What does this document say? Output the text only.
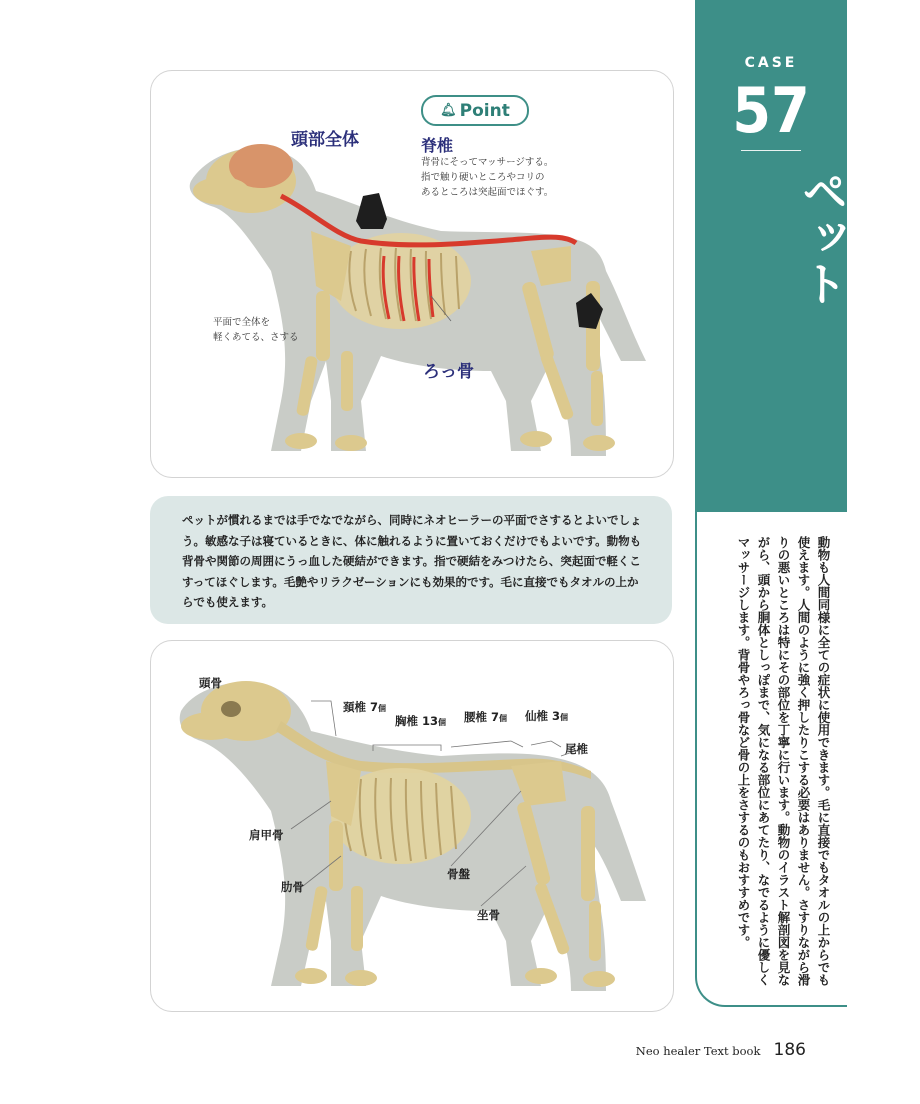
頭部全体
🔔︎ Point
脊椎
背骨にそってマッサージする。
指で触り硬いところやコリの
あるところは突起面でほぐす。
平面で全体を
軽くあてる、さする
ろっ骨

ペットが慣れるまでは手でなでながら、同時にネオヒーラーの平面でさするとよいでしょう。敏感な子は寝ているときに、体に触れるように置いておくだけでもよいです。動物も背骨や関節の周囲にうっ血した硬結ができます。指で硬結をみつけたら、突起面で軽くこすってほぐします。毛艶やリラクゼーションにも効果的です。毛に直接でもタオルの上からでも使えます。

CASE
57
ペット

動物も人間同様に全ての症状に使用できます。毛に直接でもタオルの上からでも使えます。人間のように強く押したりこする必要はありません。さすりながら滑りの悪いところは特にその部位を丁寧に行います。動物のイラスト解剖図を見ながら、頭から胴体としっぽまで、気になる部位にあてたり、なでるように優しくマッサージします。背骨やろっ骨など骨の上をさするのもおすすめです。

頭骨
頚椎 7個
胸椎 13個 腰椎 7個 仙椎 3個
尾椎
肩甲骨
肋骨
骨盤
坐骨
Neo healer Text book 186
